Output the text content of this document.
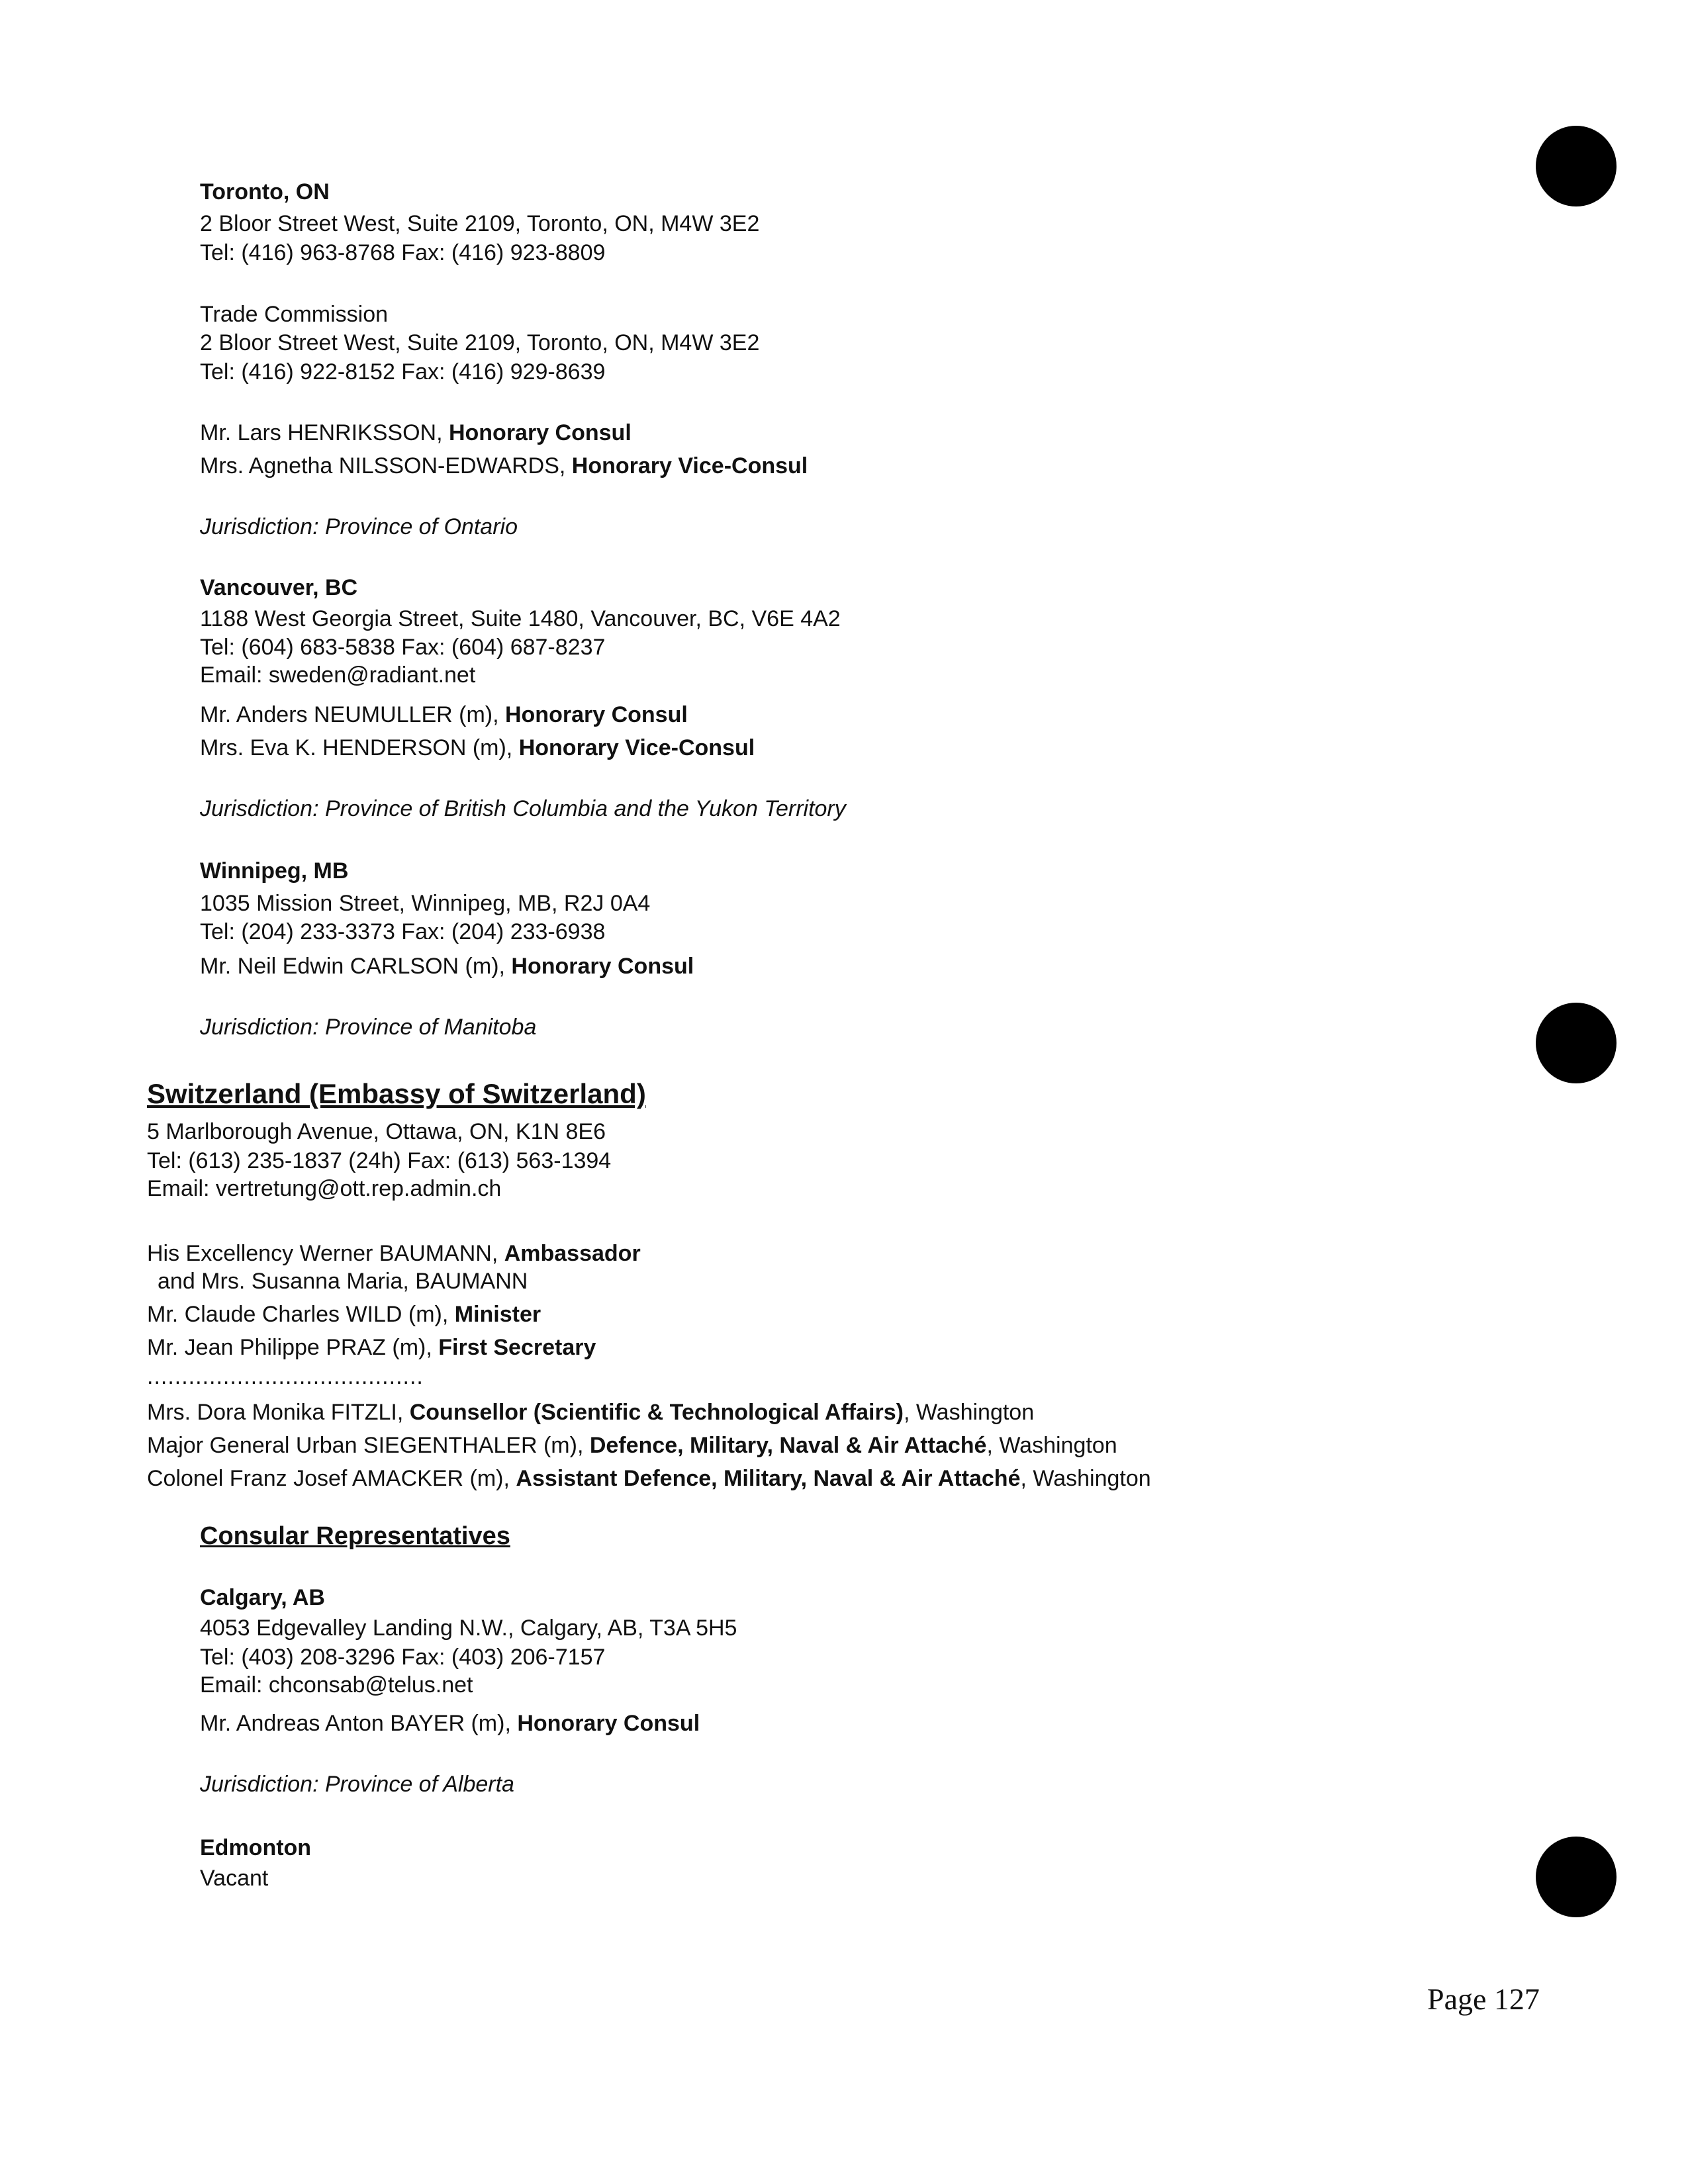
Toronto, ON
2 Bloor Street West, Suite 2109, Toronto, ON, M4W 3E2
Tel: (416) 963-8768 Fax: (416) 923-8809
Trade Commission
2 Bloor Street West, Suite 2109, Toronto, ON, M4W 3E2
Tel: (416) 922-8152 Fax: (416) 929-8639
Mr. Lars HENRIKSSON, Honorary Consul
Mrs. Agnetha NILSSON-EDWARDS, Honorary Vice-Consul
Jurisdiction: Province of Ontario
Vancouver, BC
1188 West Georgia Street, Suite 1480, Vancouver, BC, V6E 4A2
Tel: (604) 683-5838 Fax: (604) 687-8237
Email: sweden@radiant.net
Mr. Anders NEUMULLER (m), Honorary Consul
Mrs. Eva K. HENDERSON (m), Honorary Vice-Consul
Jurisdiction: Province of British Columbia and the Yukon Territory
Winnipeg, MB
1035 Mission Street, Winnipeg, MB, R2J 0A4
Tel: (204) 233-3373 Fax: (204) 233-6938
Mr. Neil Edwin CARLSON (m), Honorary Consul
Jurisdiction: Province of Manitoba
Switzerland (Embassy of Switzerland)
5 Marlborough Avenue, Ottawa, ON, K1N 8E6
Tel: (613) 235-1837 (24h) Fax: (613) 563-1394
Email: vertretung@ott.rep.admin.ch
His Excellency Werner BAUMANN, Ambassador
and Mrs. Susanna Maria, BAUMANN
Mr. Claude Charles WILD (m), Minister
Mr. Jean Philippe PRAZ (m), First Secretary
........................................
Mrs. Dora Monika FITZLI, Counsellor (Scientific & Technological Affairs), Washington
Major General Urban SIEGENTHALER (m), Defence, Military, Naval & Air Attaché, Washington
Colonel Franz Josef AMACKER (m), Assistant Defence, Military, Naval & Air Attaché, Washington
Consular Representatives
Calgary, AB
4053 Edgevalley Landing N.W., Calgary, AB, T3A 5H5
Tel: (403) 208-3296 Fax: (403) 206-7157
Email: chconsab@telus.net
Mr. Andreas Anton BAYER (m), Honorary Consul
Jurisdiction: Province of Alberta
Edmonton
Vacant
Page 127
